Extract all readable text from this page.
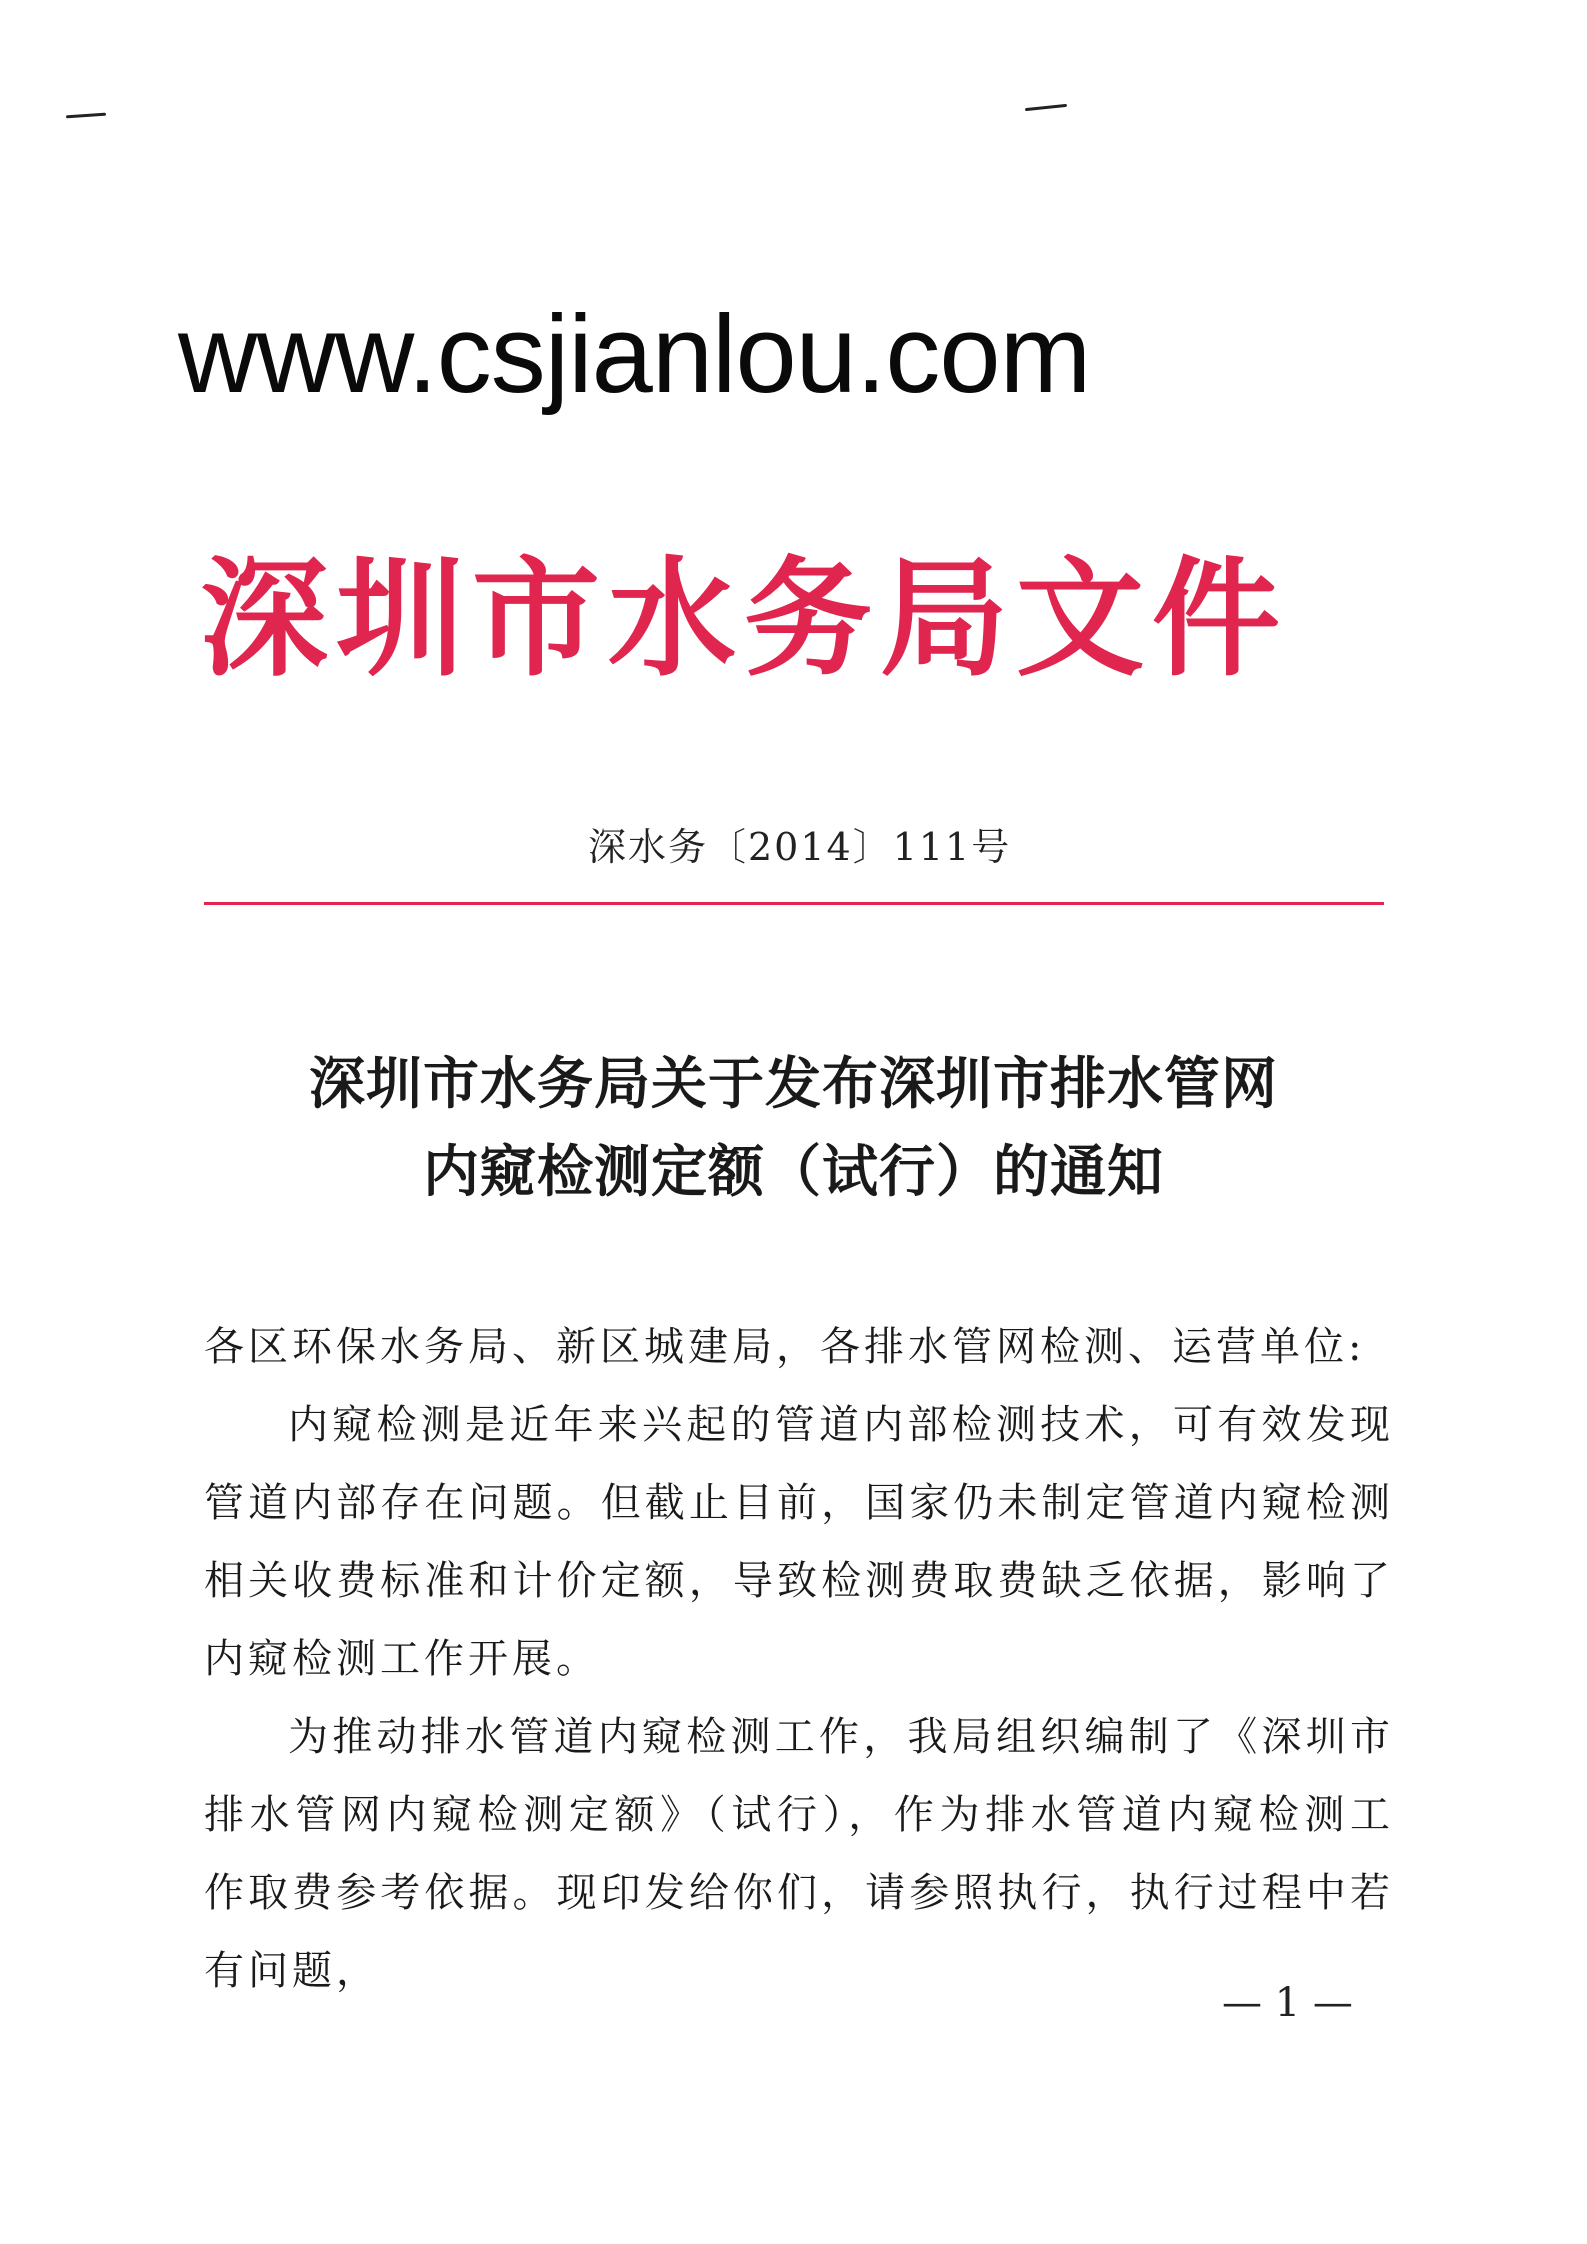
www.csjianlou.com
深圳市水务局文件
深水务〔2014〕111号
深圳市水务局关于发布深圳市排水管网
内窥检测定额（试行）的通知

各区环保水务局、新区城建局，各排水管网检测、运营单位:

内窥检测是近年来兴起的管道内部检测技术，可有效发现管道内部存在问题。但截止目前，国家仍未制定管道内窥检测相关收费标准和计价定额，导致检测费取费缺乏依据，影响了内窥检测工作开展。

为推动排水管道内窥检测工作，我局组织编制了《深圳市排水管网内窥检测定额》（试行），作为排水管道内窥检测工作取费参考依据。现印发给你们，请参照执行，执行过程中若有问题，

— 1 —
